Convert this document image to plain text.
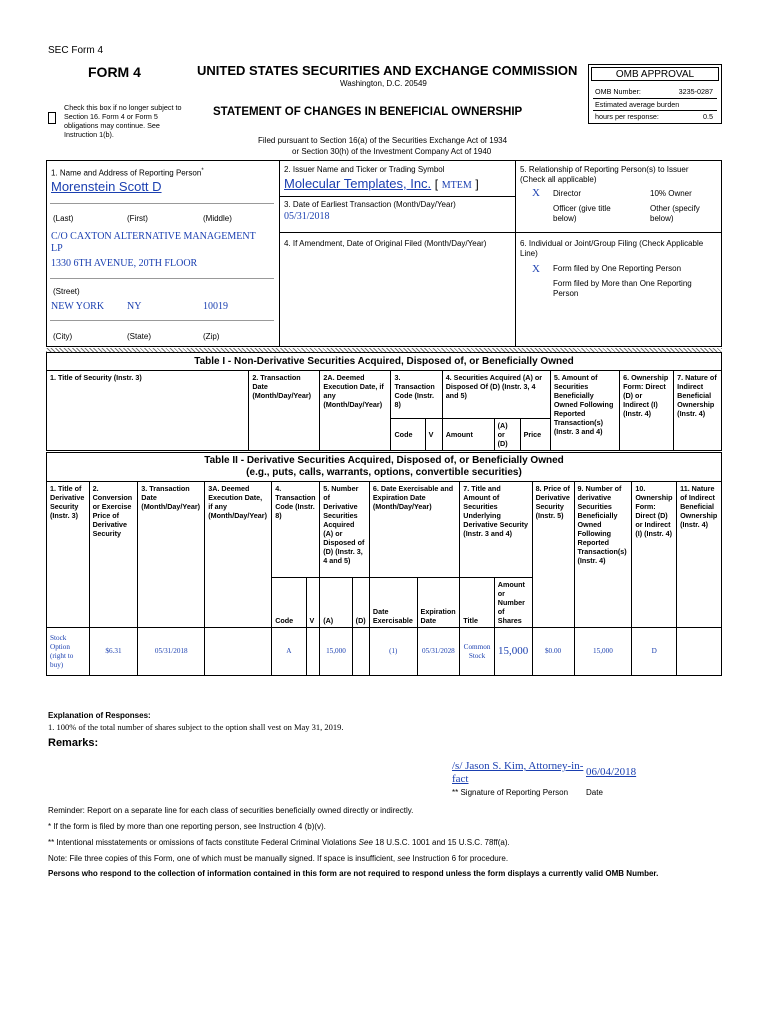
SEC Form 4
FORM 4	UNITED STATES SECURITIES AND EXCHANGE COMMISSION
Washington, D.C. 20549
Check this box if no longer subject to Section 16. Form 4 or Form 5 obligations may continue. See Instruction 1(b).
STATEMENT OF CHANGES IN BENEFICIAL OWNERSHIP
Filed pursuant to Section 16(a) of the Securities Exchange Act of 1934
or Section 30(h) of the Investment Company Act of 1940
OMB APPROVAL
OMB Number:	3235-0287
Estimated average burden
hours per response:	0.5
1. Name and Address of Reporting Person*
Morenstein Scott D
(Last)	(First)	(Middle)
C/O CAXTON ALTERNATIVE MANAGEMENT
LP
1330 6TH AVENUE, 20TH FLOOR
(Street)
NEW YORK NY	10019
(City)	(State)	(Zip)
2. Issuer Name and Ticker or Trading Symbol
Molecular Templates, Inc. [ MTEM ]
3. Date of Earliest Transaction (Month/Day/Year)
05/31/2018
4. If Amendment, Date of Original Filed (Month/Day/Year)
5. Relationship of Reporting Person(s) to Issuer
(Check all applicable)
X Director	10% Owner
Officer (give title below)
Other (specify below)
6. Individual or Joint/Group Filing (Check Applicable Line)
X Form filed by One Reporting Person
Form filed by More than One Reporting Person
Table I - Non-Derivative Securities Acquired, Disposed of, or Beneficially Owned										
1. Title of Security (Instr. 3)	2. Transaction Date (Month/Day/Year)	2A. Deemed Execution Date, if any (Month/Day/Year)	3. Transaction Code (Instr. 8)		4. Securities Acquired (A) or Disposed Of (D) (Instr. 3, 4 and 5)			5. Amount of Securities Beneficially Owned Following Reported Transaction(s) (Instr. 3 and 4)	6. Ownership Form: Direct (D) or Indirect (I) (Instr. 4)	7. Nature of Indirect Beneficial Ownership (Instr. 4)
			Code	V	Amount	(A) or (D)	Price			
Table II - Derivative Securities Acquired, Disposed of, or Beneficially Owned
(e.g., puts, calls, warrants, options, convertible securities)															
1. Title of Derivative Security (Instr. 3)	2. Conversion or Exercise Price of Derivative Security	3. Transaction Date (Month/Day/Year)	3A. Deemed Execution Date, if any (Month/Day/Year)	4. Transaction Code (Instr. 8)		5. Number of Derivative Securities Acquired (A) or Disposed of (D) (Instr. 3, 4 and 5)		6. Date Exercisable and Expiration Date (Month/Day/Year)		7. Title and Amount of Securities Underlying Derivative Security (Instr. 3 and 4)		8. Price of Derivative Security (Instr. 5)	9. Number of derivative Securities Beneficially Owned Following Reported Transaction(s) (Instr. 4)	10. Ownership Form: Direct (D) or Indirect (I) (Instr. 4)	11. Nature of Indirect Beneficial Ownership (Instr. 4)
				Code	V	(A)	(D)	Date Exercisable	Expiration Date	Title	Amount or Number of Shares				
Stock Option (right to buy)	$6.31	05/31/2018		A		15,000		(1)	05/31/2028	Common Stock	15,000	$0.00	15,000	D	
Explanation of Responses:
1. 100% of the total number of shares subject to the option shall vest on May 31, 2019.
Remarks:
/s/ Jason S. Kim, Attorney-in-fact
06/04/2018
** Signature of Reporting Person Date
Reminder: Report on a separate line for each class of securities beneficially owned directly or indirectly.
* If the form is filed by more than one reporting person, see Instruction 4 (b)(v).
** Intentional misstatements or omissions of facts constitute Federal Criminal Violations See 18 U.S.C. 1001 and 15 U.S.C. 78ff(a).
Note: File three copies of this Form, one of which must be manually signed. If space is insufficient, see Instruction 6 for procedure.
Persons who respond to the collection of information contained in this form are not required to respond unless the form displays a currently valid OMB Number.
